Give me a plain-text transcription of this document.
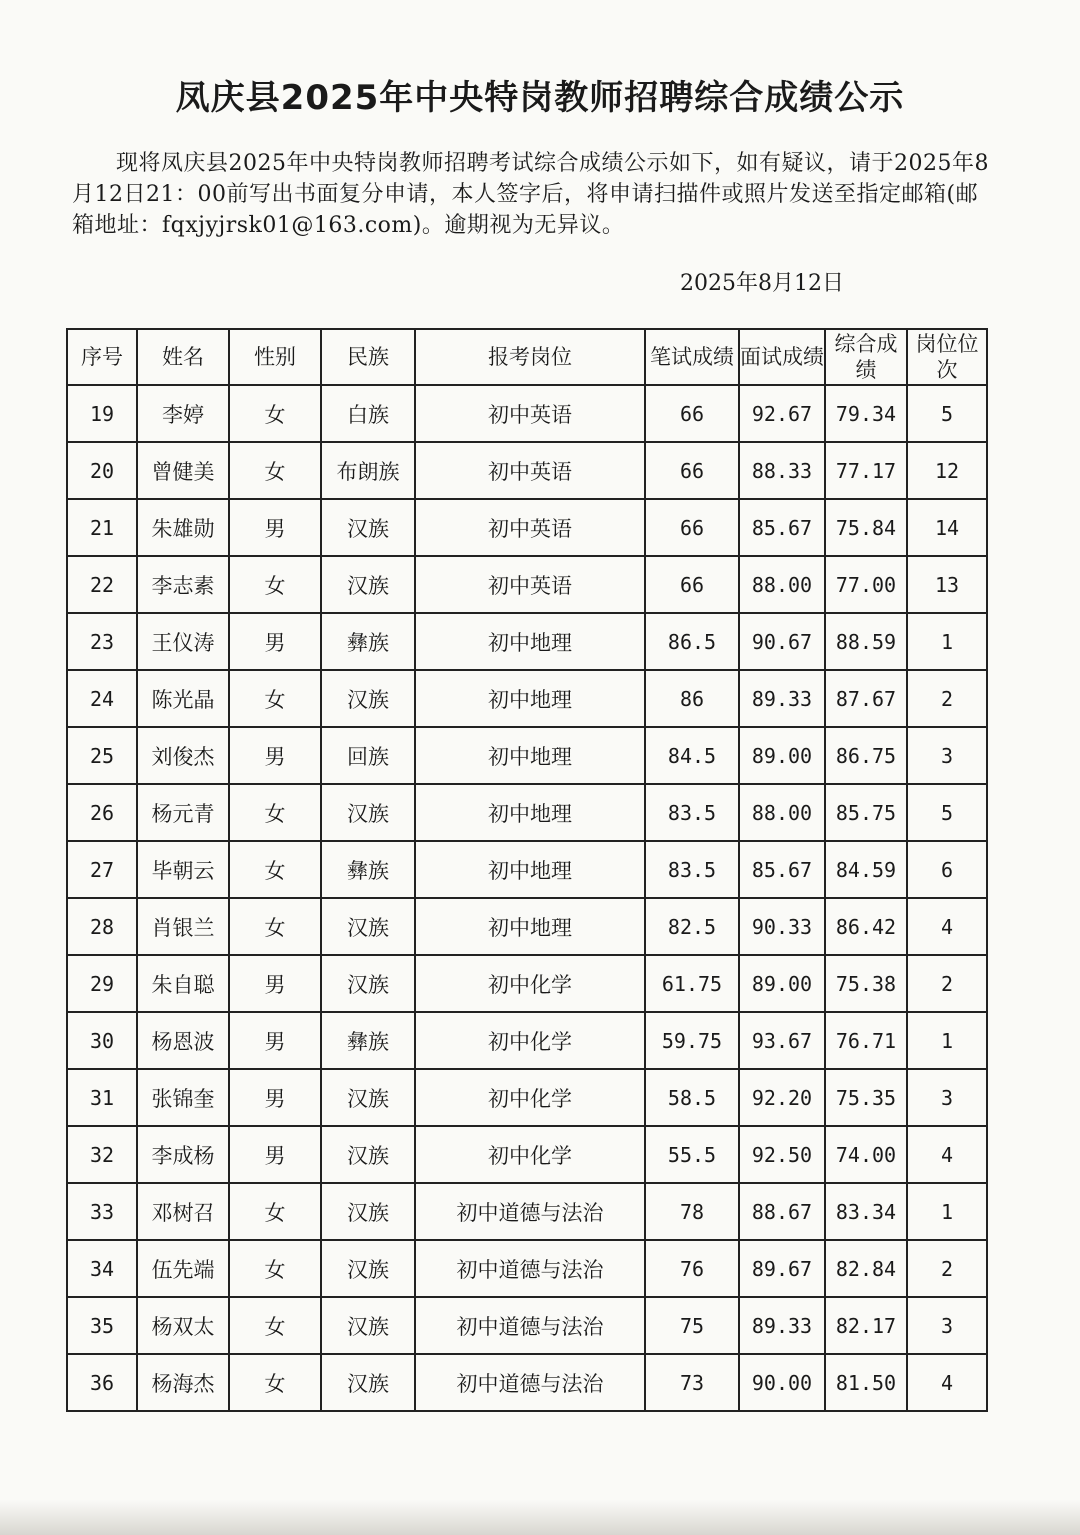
凤庆县2025年中央特岗教师招聘综合成绩公示
现将凤庆县2025年中央特岗教师招聘考试综合成绩公示如下，如有疑议，请于2025年8月12日21：00前写出书面复分申请，本人签字后，将申请扫描件或照片发送至指定邮箱(邮箱地址：fqxjyjrsk01@163.com)。逾期视为无异议。
2025年8月12日
序号	姓名	性别	民族	报考岗位	笔试成绩	面试成绩	综合成绩	岗位位次
19	李婷	女	白族	初中英语	66	92.67	79.34	5
20	曾健美	女	布朗族	初中英语	66	88.33	77.17	12
21	朱雄勋	男	汉族	初中英语	66	85.67	75.84	14
22	李志素	女	汉族	初中英语	66	88.00	77.00	13
23	王仪涛	男	彝族	初中地理	86.5	90.67	88.59	1
24	陈光晶	女	汉族	初中地理	86	89.33	87.67	2
25	刘俊杰	男	回族	初中地理	84.5	89.00	86.75	3
26	杨元青	女	汉族	初中地理	83.5	88.00	85.75	5
27	毕朝云	女	彝族	初中地理	83.5	85.67	84.59	6
28	肖银兰	女	汉族	初中地理	82.5	90.33	86.42	4
29	朱自聪	男	汉族	初中化学	61.75	89.00	75.38	2
30	杨恩波	男	彝族	初中化学	59.75	93.67	76.71	1
31	张锦奎	男	汉族	初中化学	58.5	92.20	75.35	3
32	李成杨	男	汉族	初中化学	55.5	92.50	74.00	4
33	邓树召	女	汉族	初中道德与法治	78	88.67	83.34	1
34	伍先端	女	汉族	初中道德与法治	76	89.67	82.84	2
35	杨双太	女	汉族	初中道德与法治	75	89.33	82.17	3
36	杨海杰	女	汉族	初中道德与法治	73	90.00	81.50	4
